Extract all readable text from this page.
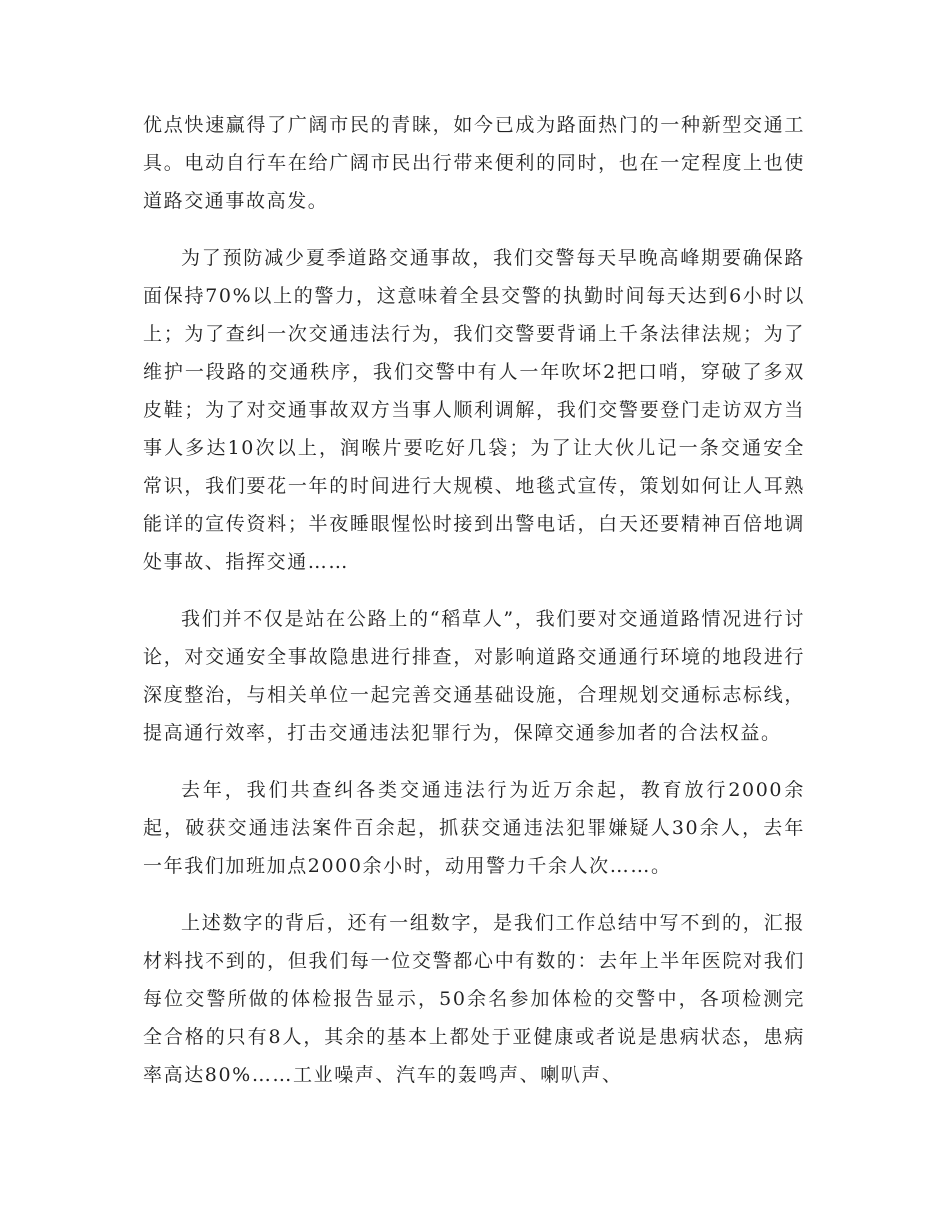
优点快速赢得了广阔市民的青睐，如今已成为路面热门的一种新型交通工具。电动自行车在给广阔市民出行带来便利的同时，也在一定程度上也使道路交通事故高发。

为了预防减少夏季道路交通事故，我们交警每天早晚高峰期要确保路面保持70%以上的警力，这意味着全县交警的执勤时间每天达到6小时以上；为了查纠一次交通违法行为，我们交警要背诵上千条法律法规；为了维护一段路的交通秩序，我们交警中有人一年吹坏2把口哨，穿破了多双皮鞋；为了对交通事故双方当事人顺利调解，我们交警要登门走访双方当事人多达10次以上，润喉片要吃好几袋；为了让大伙儿记一条交通安全常识，我们要花一年的时间进行大规模、地毯式宣传，策划如何让人耳熟能详的宣传资料；半夜睡眼惺忪时接到出警电话，白天还要精神百倍地调处事故、指挥交通……

我们并不仅是站在公路上的“稻草人”，我们要对交通道路情况进行讨论，对交通安全事故隐患进行排查，对影响道路交通通行环境的地段进行深度整治，与相关单位一起完善交通基础设施，合理规划交通标志标线，提高通行效率，打击交通违法犯罪行为，保障交通参加者的合法权益。

去年，我们共查纠各类交通违法行为近万余起，教育放行2000余起，破获交通违法案件百余起，抓获交通违法犯罪嫌疑人30余人，去年一年我们加班加点2000余小时，动用警力千余人次……。

上述数字的背后，还有一组数字，是我们工作总结中写不到的，汇报材料找不到的，但我们每一位交警都心中有数的：去年上半年医院对我们每位交警所做的体检报告显示，50余名参加体检的交警中，各项检测完全合格的只有8人，其余的基本上都处于亚健康或者说是患病状态，患病率高达80%……工业噪声、汽车的轰鸣声、喇叭声、
